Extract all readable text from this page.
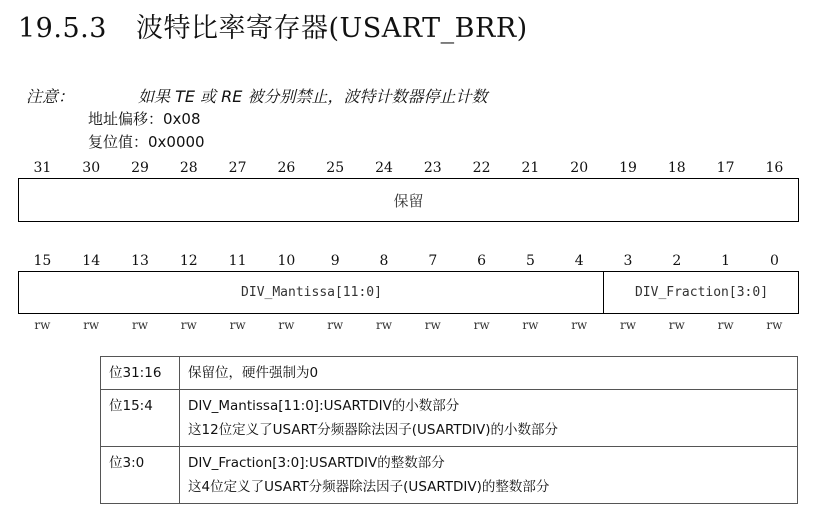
19.5.3 波特比率寄存器(USART_BRR)
注意：	如果 TE 或 RE 被分别禁止，波特计数器停止计数
地址偏移：0x08
复位值：0x0000
31	30	29	28	27	26	25	24	23	22	21	20	19	18	17	16
保留
15	14	13	12	11	10	9	8	7	6	5	4	3	2	1	0
DIV_Mantissa[11:0]	DIV_Fraction[3:0]
rw	rw	rw	rw	rw	rw	rw	rw	rw	rw	rw	rw	rw	rw	rw	rw
位31:16	保留位，硬件强制为0

位15:4	DIV_Mantissa[11:0]:USARTDIV的小数部分
这12位定义了USART分频器除法因子(USARTDIV)的小数部分

位3:0	DIV_Fraction[3:0]:USARTDIV的整数部分
这4位定义了USART分频器除法因子(USARTDIV)的整数部分
